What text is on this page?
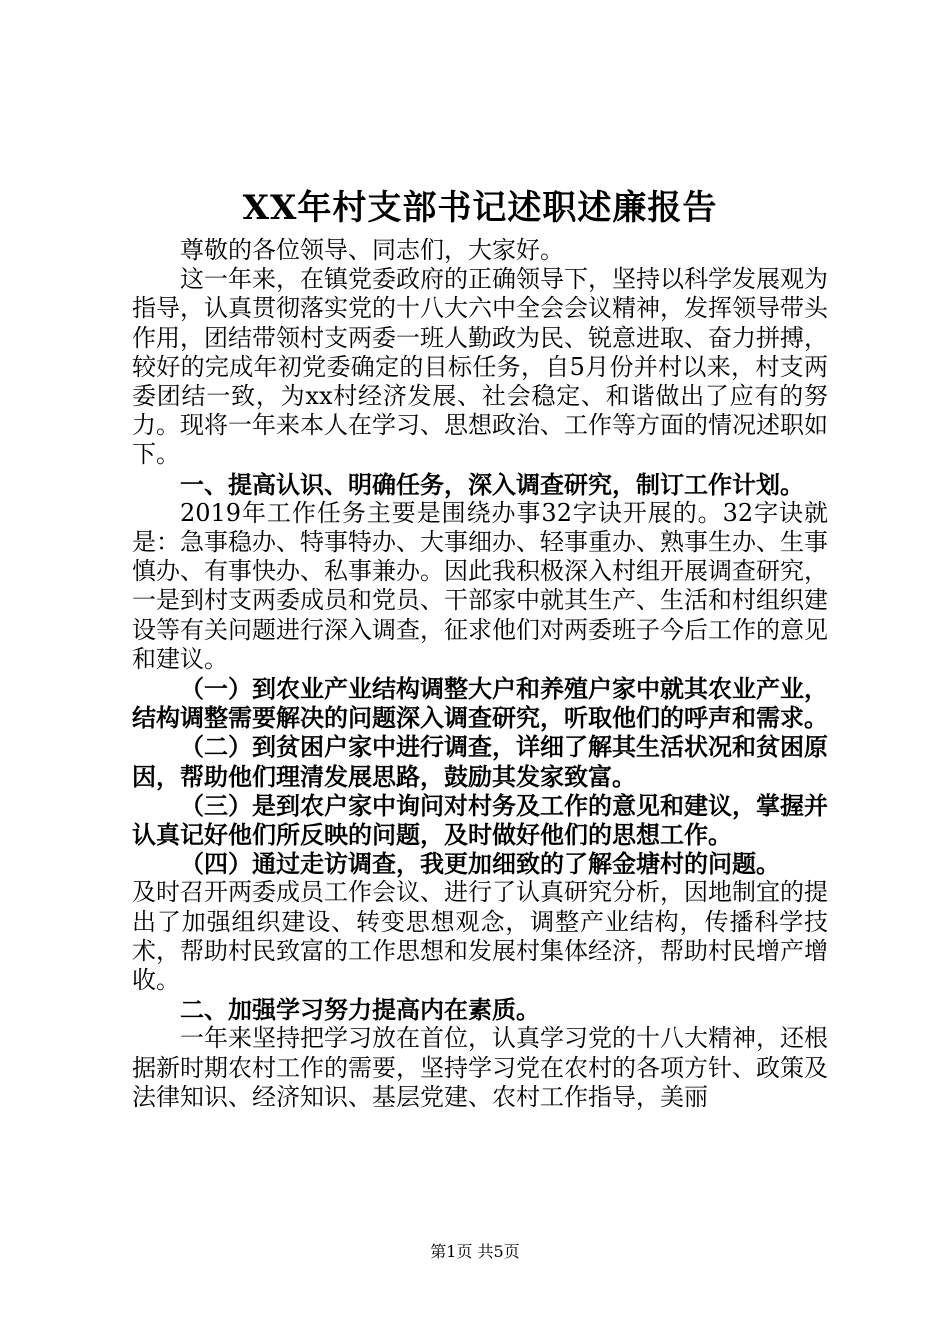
XX年村支部书记述职述廉报告

尊敬的各位领导、同志们，大家好。

这一年来，在镇党委政府的正确领导下，坚持以科学发展观为指导，认真贯彻落实党的十八大六中全会会议精神，发挥领导带头作用，团结带领村支两委一班人勤政为民、锐意进取、奋力拼搏，较好的完成年初党委确定的目标任务，自5月份并村以来，村支两委团结一致，为xx村经济发展、社会稳定、和谐做出了应有的努力。现将一年来本人在学习、思想政治、工作等方面的情况述职如下。

一、提高认识、明确任务，深入调查研究，制订工作计划。

2019年工作任务主要是围绕办事32字诀开展的。32字诀就是：急事稳办、特事特办、大事细办、轻事重办、熟事生办、生事慎办、有事快办、私事兼办。因此我积极深入村组开展调查研究，一是到村支两委成员和党员、干部家中就其生产、生活和村组织建设等有关问题进行深入调查，征求他们对两委班子今后工作的意见和建议。

（一）到农业产业结构调整大户和养殖户家中就其农业产业，结构调整需要解决的问题深入调查研究，听取他们的呼声和需求。

（二）到贫困户家中进行调查，详细了解其生活状况和贫困原因，帮助他们理清发展思路，鼓励其发家致富。

（三）是到农户家中询问对村务及工作的意见和建议，掌握并认真记好他们所反映的问题，及时做好他们的思想工作。

（四）通过走访调查，我更加细致的了解金塘村的问题。

及时召开两委成员工作会议、进行了认真研究分析，因地制宜的提出了加强组织建设、转变思想观念，调整产业结构，传播科学技术，帮助村民致富的工作思想和发展村集体经济，帮助村民增产增收。

二、加强学习努力提高内在素质。

一年来坚持把学习放在首位，认真学习党的十八大精神，还根据新时期农村工作的需要，坚持学习党在农村的各项方针、政策及法律知识、经济知识、基层党建、农村工作指导，美丽

第1页 共5页
